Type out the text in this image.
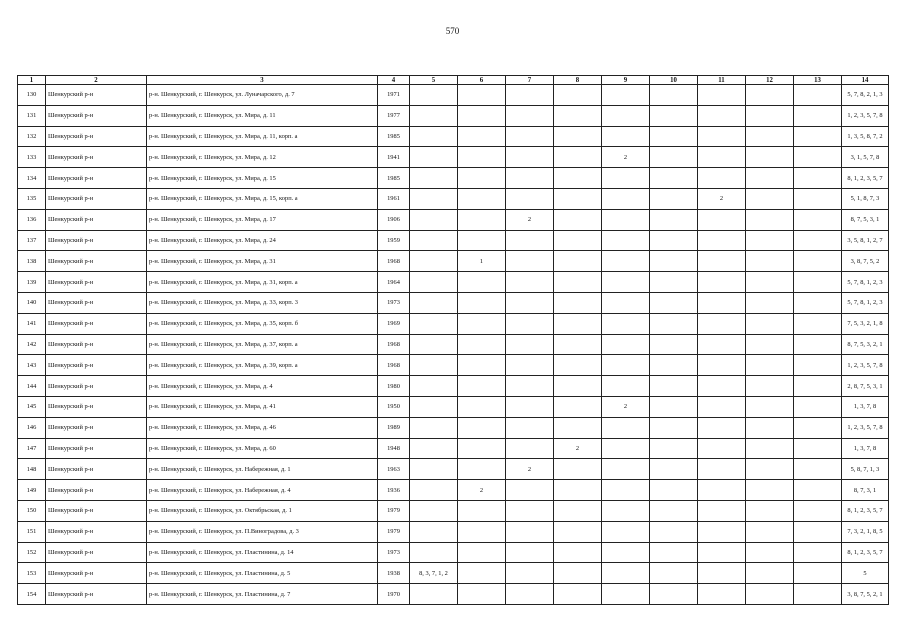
570
1	2	3	4	5	6	7	8	9	10	11	12	13	14
130	Шенкурский р-н	р-н. Шенкурский, г. Шенкурск, ул. Луначарского, д. 7	1971										5, 7, 8, 2, 1, 3

131	Шенкурский р-н	р-н. Шенкурский, г. Шенкурск, ул. Мира, д. 11	1977										1, 2, 3, 5, 7, 8

132	Шенкурский р-н	р-н. Шенкурский, г. Шенкурск, ул. Мира, д. 11, корп. а	1985										1, 3, 5, 8, 7, 2

133	Шенкурский р-н	р-н. Шенкурский, г. Шенкурск, ул. Мира, д. 12	1941					2					3, 1, 5, 7, 8

134	Шенкурский р-н	р-н. Шенкурский, г. Шенкурск, ул. Мира, д. 15	1985										8, 1, 2, 3, 5, 7

135	Шенкурский р-н	р-н. Шенкурский, г. Шенкурск, ул. Мира, д. 15, корп. а	1961							2			5, 1, 8, 7, 3

136	Шенкурский р-н	р-н. Шенкурский, г. Шенкурск, ул. Мира, д. 17	1906			2							8, 7, 5, 3, 1

137	Шенкурский р-н	р-н. Шенкурский, г. Шенкурск, ул. Мира, д. 24	1959										3, 5, 8, 1, 2, 7

138	Шенкурский р-н	р-н. Шенкурский, г. Шенкурск, ул. Мира, д. 31	1968		1								3, 8, 7, 5, 2

139	Шенкурский р-н	р-н. Шенкурский, г. Шенкурск, ул. Мира, д. 31, корп. а	1964										5, 7, 8, 1, 2, 3

140	Шенкурский р-н	р-н. Шенкурский, г. Шенкурск, ул. Мира, д. 33, корп. 3	1973										5, 7, 8, 1, 2, 3

141	Шенкурский р-н	р-н. Шенкурский, г. Шенкурск, ул. Мира, д. 35, корп. б	1969										7, 5, 3, 2, 1, 8

142	Шенкурский р-н	р-н. Шенкурский, г. Шенкурск, ул. Мира, д. 37, корп. а	1968										8, 7, 5, 3, 2, 1

143	Шенкурский р-н	р-н. Шенкурский, г. Шенкурск, ул. Мира, д. 39, корп. а	1968										1, 2, 3, 5, 7, 8

144	Шенкурский р-н	р-н. Шенкурский, г. Шенкурск, ул. Мира, д. 4	1980										2, 8, 7, 5, 3, 1

145	Шенкурский р-н	р-н. Шенкурский, г. Шенкурск, ул. Мира, д. 41	1950					2					1, 3, 7, 8

146	Шенкурский р-н	р-н. Шенкурский, г. Шенкурск, ул. Мира, д. 46	1989										1, 2, 3, 5, 7, 8

147	Шенкурский р-н	р-н. Шенкурский, г. Шенкурск, ул. Мира, д. 60	1948				2						1, 3, 7, 8

148	Шенкурский р-н	р-н. Шенкурский, г. Шенкурск, ул. Набережная, д. 1	1963			2							5, 8, 7, 1, 3

149	Шенкурский р-н	р-н. Шенкурский, г. Шенкурск, ул. Набережная, д. 4	1936		2								8, 7, 3, 1

150	Шенкурский р-н	р-н. Шенкурский, г. Шенкурск, ул. Октябрьская, д. 1	1979										8, 1, 2, 3, 5, 7

151	Шенкурский р-н	р-н. Шенкурский, г. Шенкурск, ул. П.Виноградова, д. 3	1979										7, 3, 2, 1, 8, 5

152	Шенкурский р-н	р-н. Шенкурский, г. Шенкурск, ул. Пластинина, д. 14	1973										8, 1, 2, 3, 5, 7

153	Шенкурский р-н	р-н. Шенкурский, г. Шенкурск, ул. Пластинина, д. 5	1938	8, 3, 7, 1, 2									5

154	Шенкурский р-н	р-н. Шенкурский, г. Шенкурск, ул. Пластинина, д. 7	1970										3, 8, 7, 5, 2, 1
